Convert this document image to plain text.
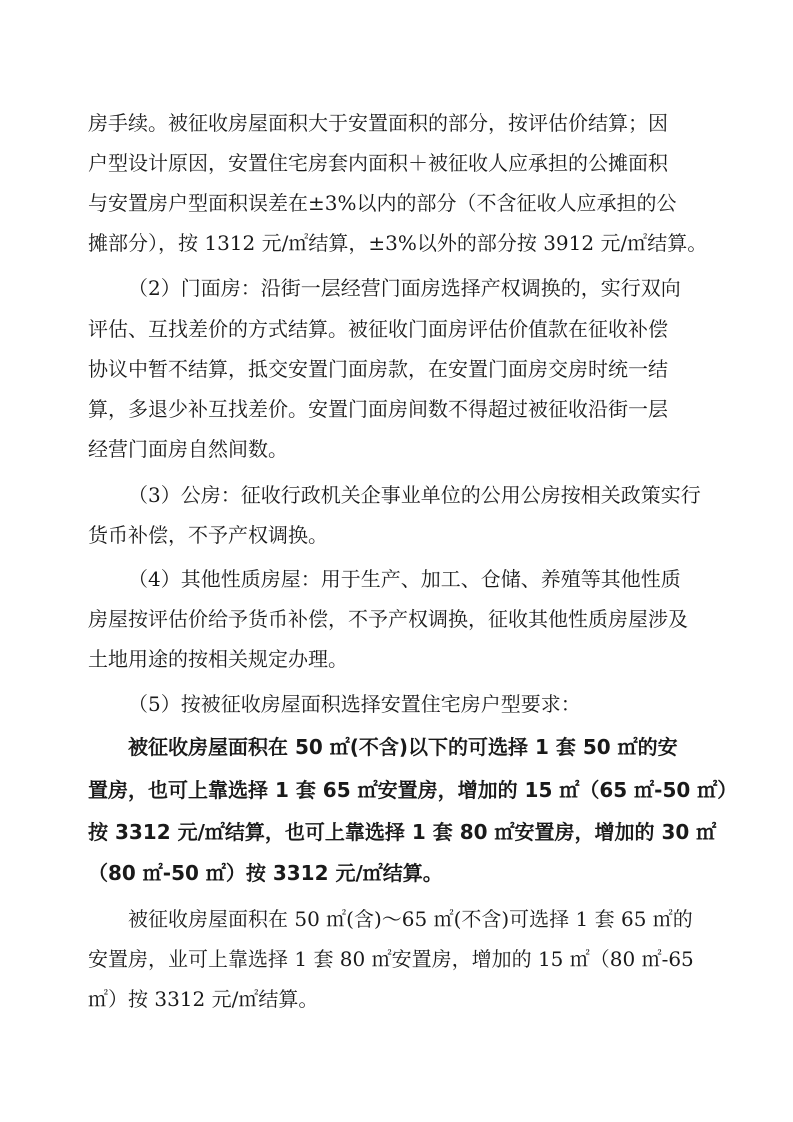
房手续。被征收房屋面积大于安置面积的部分，按评估价结算；因
户型设计原因，安置住宅房套内面积＋被征收人应承担的公摊面积
与安置房户型面积误差在±3%以内的部分（不含征收人应承担的公
摊部分），按 1312 元/㎡结算，±3%以外的部分按 3912 元/㎡结算。
（2）门面房：沿街一层经营门面房选择产权调换的，实行双向
评估、互找差价的方式结算。被征收门面房评估价值款在征收补偿
协议中暂不结算，抵交安置门面房款，在安置门面房交房时统一结
算，多退少补互找差价。安置门面房间数不得超过被征收沿街一层
经营门面房自然间数。
（3）公房：征收行政机关企事业单位的公用公房按相关政策实行
货币补偿，不予产权调换。
（4）其他性质房屋：用于生产、加工、仓储、养殖等其他性质
房屋按评估价给予货币补偿，不予产权调换，征收其他性质房屋涉及
土地用途的按相关规定办理。
（5）按被征收房屋面积选择安置住宅房户型要求：
被征收房屋面积在 50 ㎡(不含)以下的可选择 1 套 50 ㎡的安
置房，也可上靠选择 1 套 65 ㎡安置房，增加的 15 ㎡（65 ㎡-50 ㎡）
按 3312 元/㎡结算，也可上靠选择 1 套 80 ㎡安置房，增加的 30 ㎡
（80 ㎡-50 ㎡）按 3312 元/㎡结算。
被征收房屋面积在 50 ㎡(含)～65 ㎡(不含)可选择 1 套 65 ㎡的
安置房，业可上靠选择 1 套 80 ㎡安置房，增加的 15 ㎡（80 ㎡-65
㎡）按 3312 元/㎡结算。
